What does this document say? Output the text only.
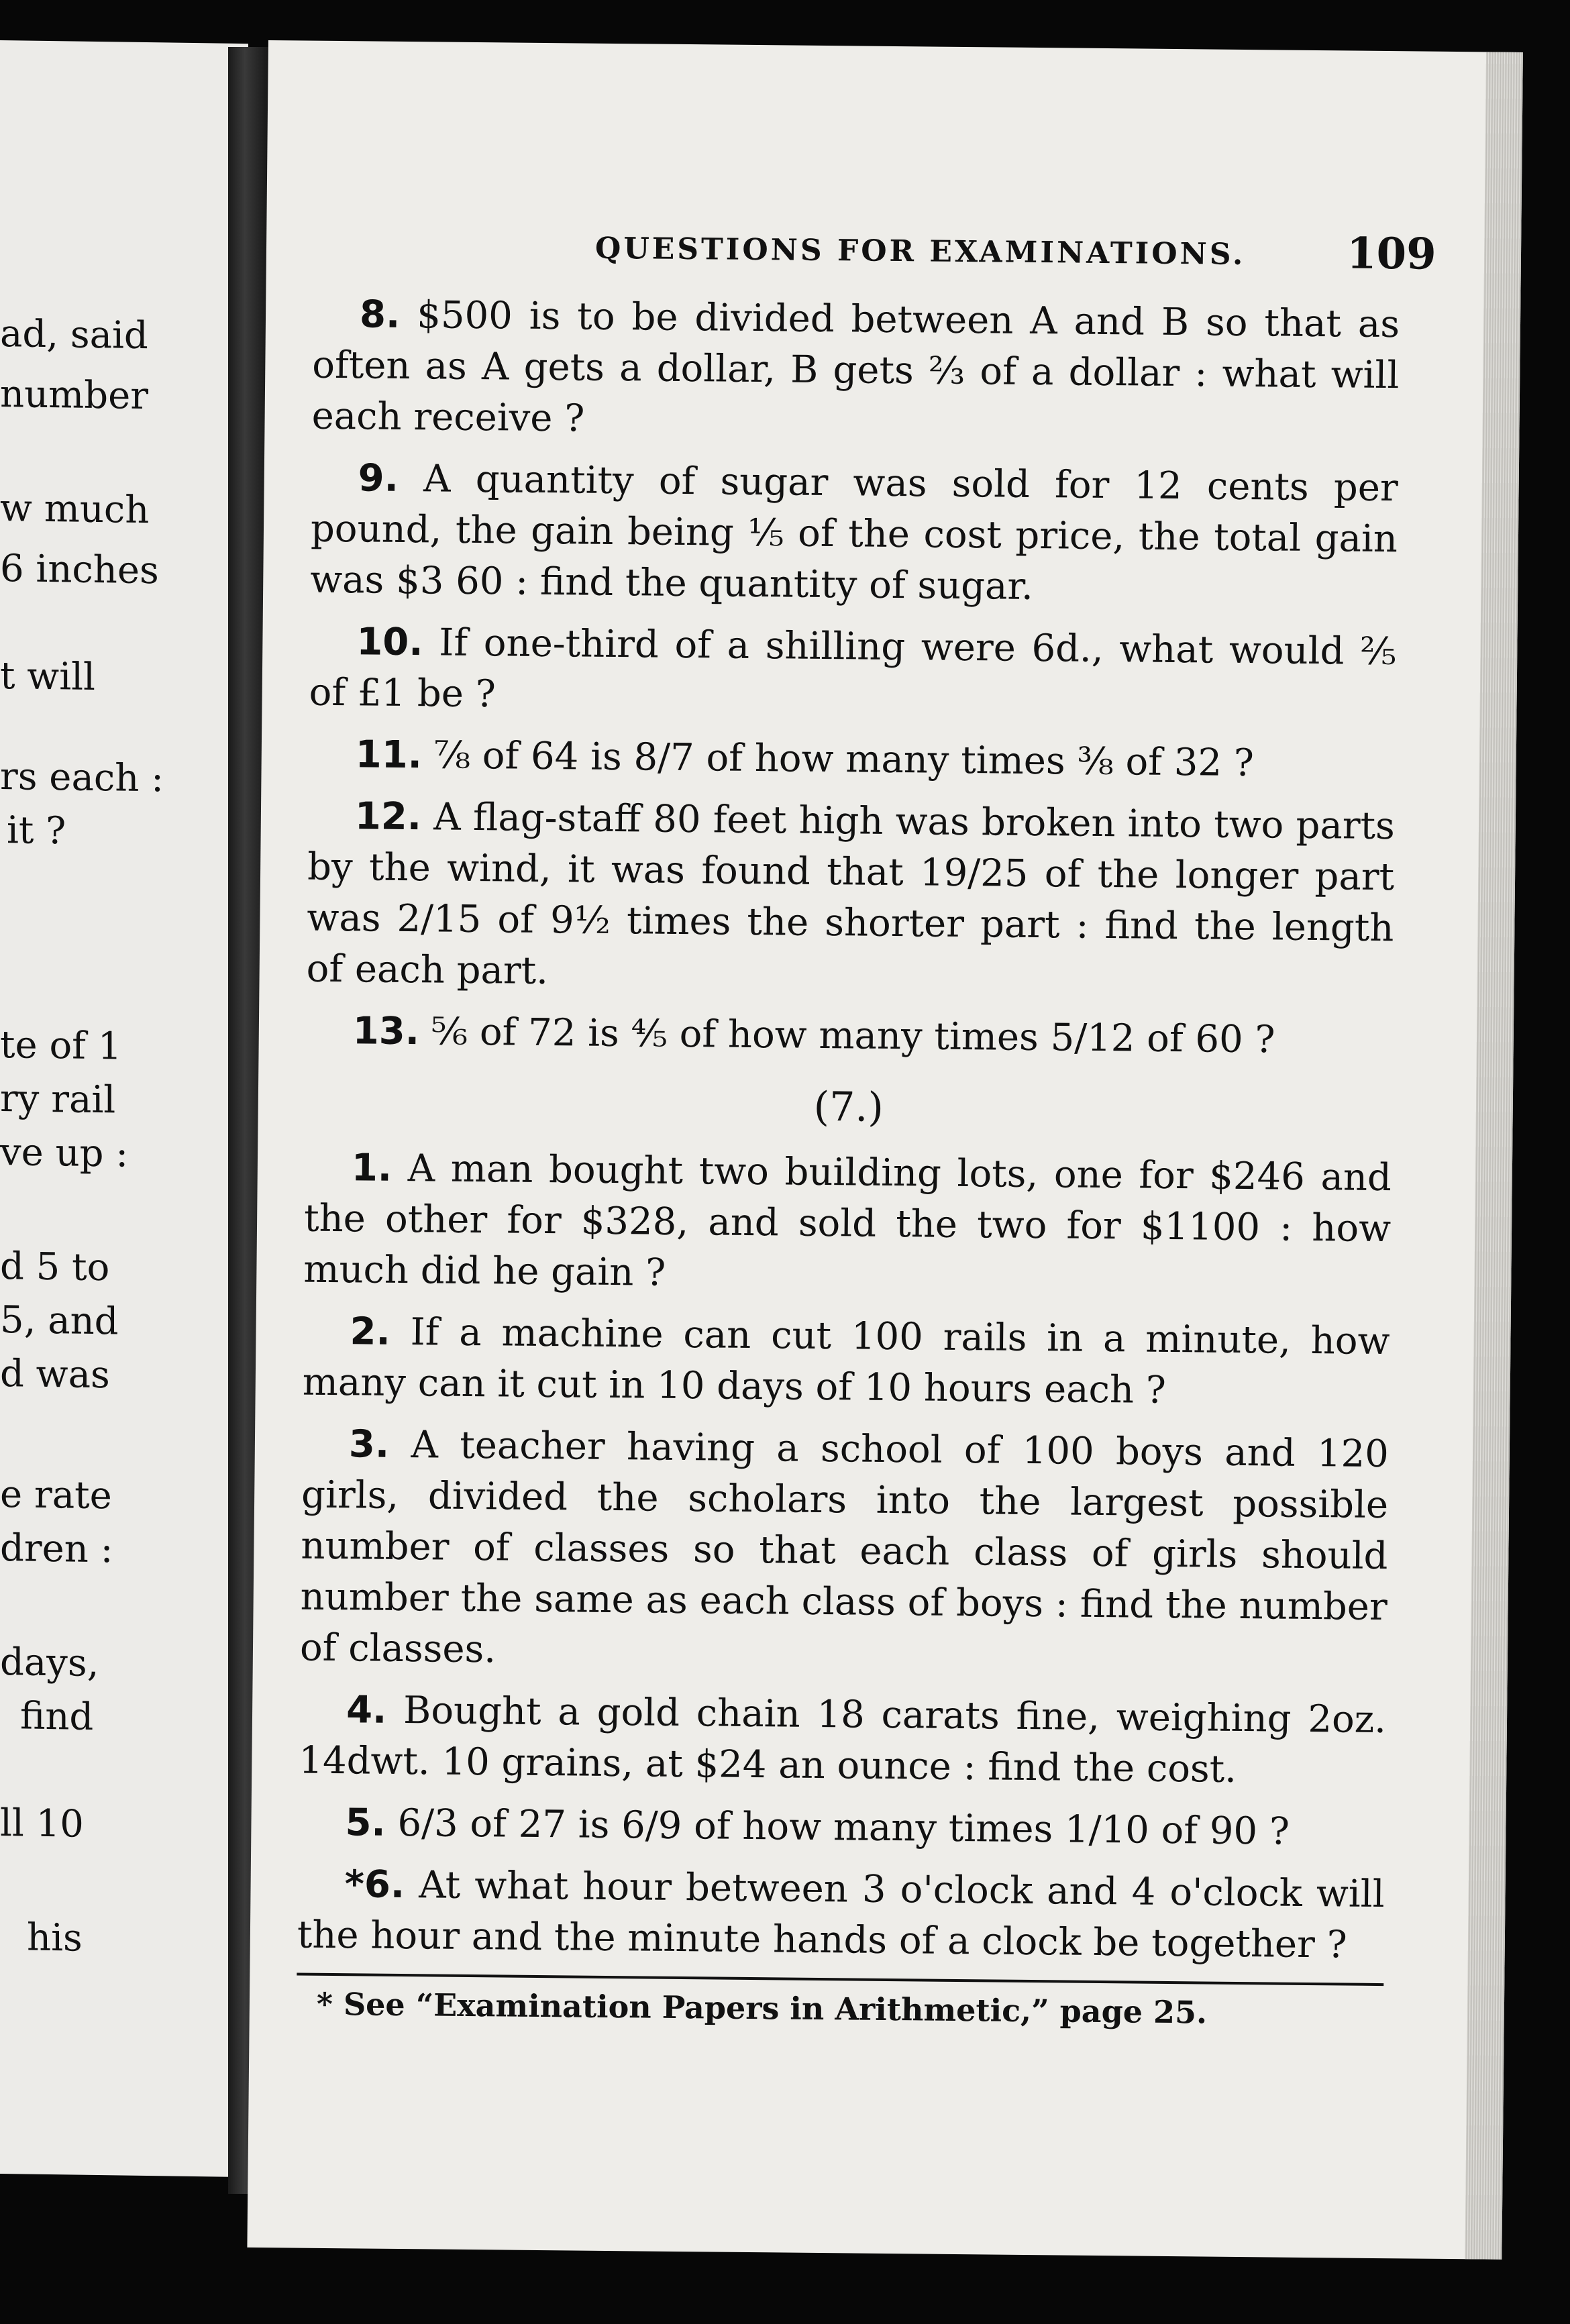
ad, said
number
w much
6 inches
t will
rs each :
it ?
te of 1
ry rail
ve up :
d 5 to
5, and
d was
e rate
dren :
days,
find
ll 10
his
QUESTIONS FOR EXAMINATIONS. 109
8. $500 is to be divided between A and B so that as often as A gets a dollar, B gets ⅔ of a dollar : what will each receive ?
9. A quantity of sugar was sold for 12 cents per pound, the gain being ⅕ of the cost price, the total gain was $3 60 : find the quantity of sugar.
10. If one-third of a shilling were 6d., what would ⅖ of £1 be ?
11. ⅞ of 64 is 8/7 of how many times ⅜ of 32 ?
12. A flag-staff 80 feet high was broken into two parts by the wind, it was found that 19/25 of the longer part was 2/15 of 9½ times the shorter part : find the length of each part.
13. ⅚ of 72 is ⅘ of how many times 5/12 of 60 ?
(7.)
1. A man bought two building lots, one for $246 and the other for $328, and sold the two for $1100 : how much did he gain ?
2. If a machine can cut 100 rails in a minute, how many can it cut in 10 days of 10 hours each ?
3. A teacher having a school of 100 boys and 120 girls, divided the scholars into the largest possible number of classes so that each class of girls should number the same as each class of boys : find the number of classes.
4. Bought a gold chain 18 carats fine, weighing 2oz. 14dwt. 10 grains, at $24 an ounce : find the cost.
5. 6/3 of 27 is 6/9 of how many times 1/10 of 90 ?
*6. At what hour between 3 o'clock and 4 o'clock will the hour and the minute hands of a clock be together ?
* See “Examination Papers in Arithmetic,” page 25.
